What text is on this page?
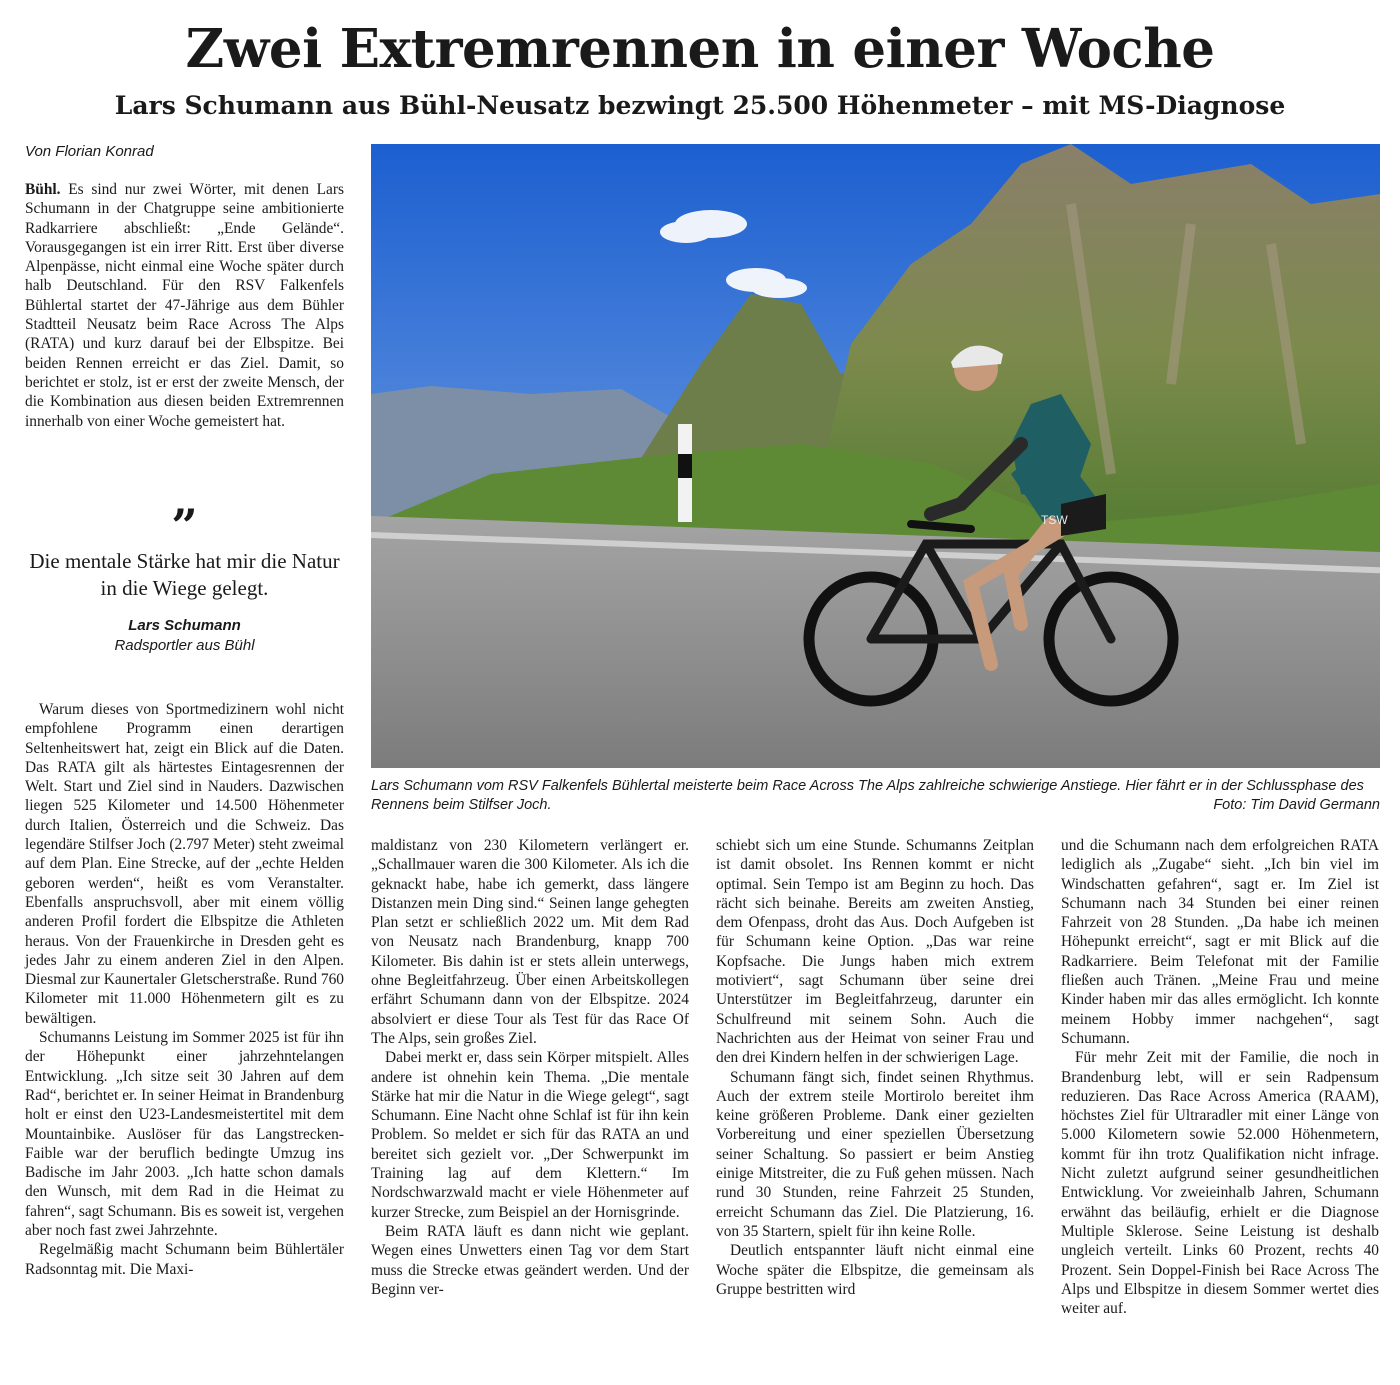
Zwei Extremrennen in einer Woche
Lars Schumann aus Bühl-Neusatz bezwingt 25.500 Höhenmeter – mit MS-Diagnose
Von Florian Konrad

Bühl. Es sind nur zwei Wörter, mit denen Lars Schumann in der Chatgruppe seine ambitionierte Radkarriere abschließt: „Ende Gelände“. Vorausgegangen ist ein irrer Ritt. Erst über diverse Alpenpässe, nicht einmal eine Woche später durch halb Deutschland. Für den RSV Falkenfels Bühlertal startet der 47-Jährige aus dem Bühler Stadtteil Neusatz beim Race Across The Alps (RATA) und kurz darauf bei der Elbspitze. Bei beiden Rennen erreicht er das Ziel. Damit, so berichtet er stolz, ist er erst der zweite Mensch, der die Kombination aus diesen beiden Extremrennen innerhalb von einer Woche gemeistert hat.

”
Die mentale Stärke hat mir die Natur in die Wiege gelegt.
Lars Schumann
Radsportler aus Bühl

Warum dieses von Sportmedizinern wohl nicht empfohlene Programm einen derartigen Seltenheitswert hat, zeigt ein Blick auf die Daten. Das RATA gilt als härtestes Eintagesrennen der Welt. Start und Ziel sind in Nauders. Dazwischen liegen 525 Kilometer und 14.500 Höhenmeter durch Italien, Österreich und die Schweiz. Das legendäre Stilfser Joch (2.797 Meter) steht zweimal auf dem Plan. Eine Strecke, auf der „echte Helden geboren werden“, heißt es vom Veranstalter. Ebenfalls anspruchsvoll, aber mit einem völlig anderen Profil fordert die Elbspitze die Athleten heraus. Von der Frauenkirche in Dresden geht es jedes Jahr zu einem anderen Ziel in den Alpen. Diesmal zur Kaunertaler Gletscherstraße. Rund 760 Kilometer mit 11.000 Höhenmetern gilt es zu bewältigen.

Schumanns Leistung im Sommer 2025 ist für ihn der Höhepunkt einer jahrzehntelangen Entwicklung. „Ich sitze seit 30 Jahren auf dem Rad“, berichtet er. In seiner Heimat in Brandenburg holt er einst den U23-Landesmeistertitel mit dem Mountainbike. Auslöser für das Langstrecken-Faible war der beruflich bedingte Umzug ins Badische im Jahr 2003. „Ich hatte schon damals den Wunsch, mit dem Rad in die Heimat zu fahren“, sagt Schumann. Bis es soweit ist, vergehen aber noch fast zwei Jahrzehnte.

Regelmäßig macht Schumann beim Bühlertäler Radsonntag mit. Die Maxi-

TSW
Lars Schumann vom RSV Falkenfels Bühlertal meisterte beim Race Across The Alps zahlreiche schwierige Anstiege. Hier fährt er in der Schlussphase des Rennens beim Stilfser Joch.	Foto: Tim David Germann

maldistanz von 230 Kilometern verlängert er. „Schallmauer waren die 300 Kilometer. Als ich die geknackt habe, habe ich gemerkt, dass längere Distanzen mein Ding sind.“ Seinen lange gehegten Plan setzt er schließlich 2022 um. Mit dem Rad von Neusatz nach Brandenburg, knapp 700 Kilometer. Bis dahin ist er stets allein unterwegs, ohne Begleitfahrzeug. Über einen Arbeitskollegen erfährt Schumann dann von der Elbspitze. 2024 absolviert er diese Tour als Test für das Race Of The Alps, sein großes Ziel.

Dabei merkt er, dass sein Körper mitspielt. Alles andere ist ohnehin kein Thema. „Die mentale Stärke hat mir die Natur in die Wiege gelegt“, sagt Schumann. Eine Nacht ohne Schlaf ist für ihn kein Problem. So meldet er sich für das RATA an und bereitet sich gezielt vor. „Der Schwerpunkt im Training lag auf dem Klettern.“ Im Nordschwarzwald macht er viele Höhenmeter auf kurzer Strecke, zum Beispiel an der Hornisgrinde.

Beim RATA läuft es dann nicht wie geplant. Wegen eines Unwetters einen Tag vor dem Start muss die Strecke etwas geändert werden. Und der Beginn ver-

schiebt sich um eine Stunde. Schumanns Zeitplan ist damit obsolet. Ins Rennen kommt er nicht optimal. Sein Tempo ist am Beginn zu hoch. Das rächt sich beinahe. Bereits am zweiten Anstieg, dem Ofenpass, droht das Aus. Doch Aufgeben ist für Schumann keine Option. „Das war reine Kopfsache. Die Jungs haben mich extrem motiviert“, sagt Schumann über seine drei Unterstützer im Begleitfahrzeug, darunter ein Schulfreund mit seinem Sohn. Auch die Nachrichten aus der Heimat von seiner Frau und den drei Kindern helfen in der schwierigen Lage.

Schumann fängt sich, findet seinen Rhythmus. Auch der extrem steile Mortirolo bereitet ihm keine größeren Probleme. Dank einer gezielten Vorbereitung und einer speziellen Übersetzung seiner Schaltung. So passiert er beim Anstieg einige Mitstreiter, die zu Fuß gehen müssen. Nach rund 30 Stunden, reine Fahrzeit 25 Stunden, erreicht Schumann das Ziel. Die Platzierung, 16. von 35 Startern, spielt für ihn keine Rolle.

Deutlich entspannter läuft nicht einmal eine Woche später die Elbspitze, die gemeinsam als Gruppe bestritten wird

und die Schumann nach dem erfolgreichen RATA lediglich als „Zugabe“ sieht. „Ich bin viel im Windschatten gefahren“, sagt er. Im Ziel ist Schumann nach 34 Stunden bei einer reinen Fahrzeit von 28 Stunden. „Da habe ich meinen Höhepunkt erreicht“, sagt er mit Blick auf die Radkarriere. Beim Telefonat mit der Familie fließen auch Tränen. „Meine Frau und meine Kinder haben mir das alles ermöglicht. Ich konnte meinem Hobby immer nachgehen“, sagt Schumann.

Für mehr Zeit mit der Familie, die noch in Brandenburg lebt, will er sein Radpensum reduzieren. Das Race Across America (RAAM), höchstes Ziel für Ultraradler mit einer Länge von 5.000 Kilometern sowie 52.000 Höhenmetern, kommt für ihn trotz Qualifikation nicht infrage. Nicht zuletzt aufgrund seiner gesundheitlichen Entwicklung. Vor zweieinhalb Jahren, Schumann erwähnt das beiläufig, erhielt er die Diagnose Multiple Sklerose. Seine Leistung ist deshalb ungleich verteilt. Links 60 Prozent, rechts 40 Prozent. Sein Doppel-Finish bei Race Across The Alps und Elbspitze in diesem Sommer wertet dies weiter auf.
